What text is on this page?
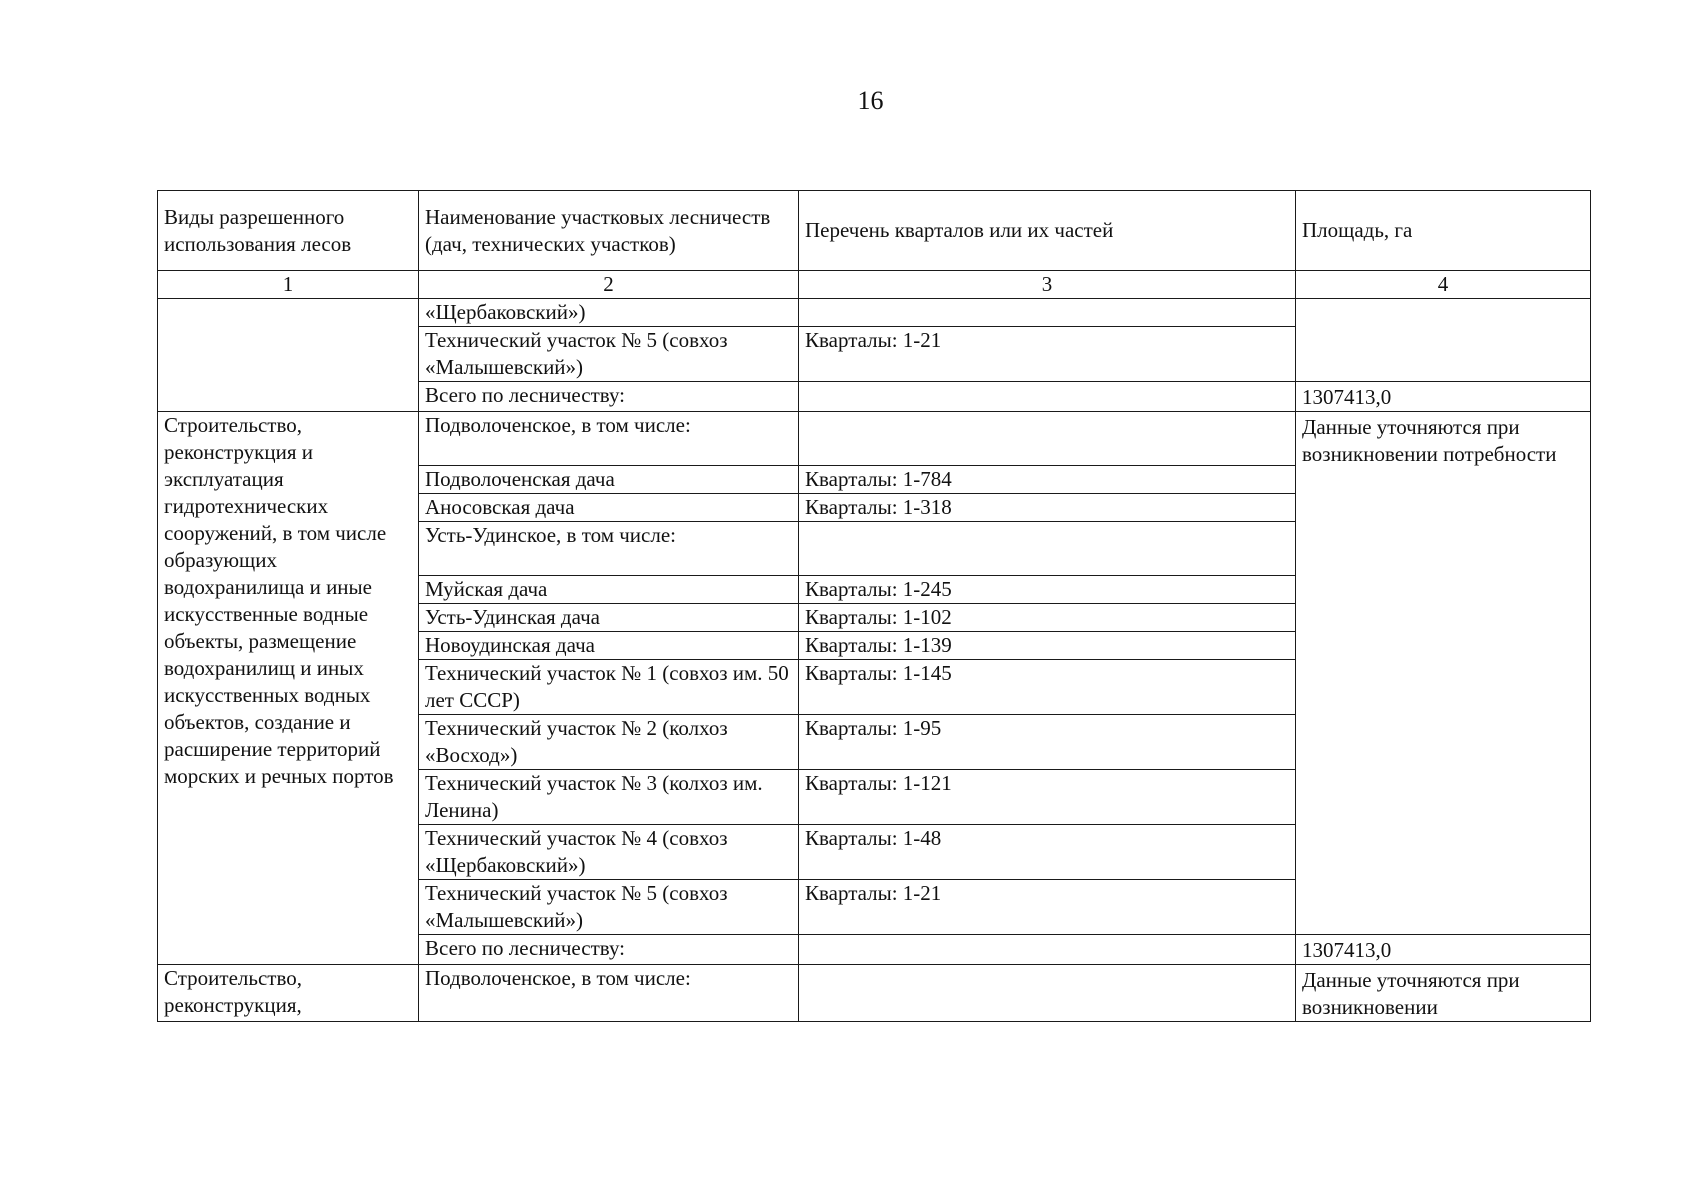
16
Виды разрешенного использования лесов	Наименование участковых лесничеств (дач, технических участков)	Перечень кварталов или их частей	Площадь, га
1	2	3	4
	«Щербаковский»)		
	Технический участок № 5 (совхоз «Малышевский»)	Кварталы: 1-21	
	Всего по лесничеству:		1307413,0
Строительство, реконструкция и эксплуатация гидротехнических сооружений, в том числе образующих водохранилища и иные искусственные водные объекты, размещение водохранилищ и иных искусственных водных объектов, создание и расширение территорий морских и речных портов	Подволоченское, в том числе:		Данные уточняются при возникновении потребности
	Подволоченская дача	Кварталы: 1-784	
	Аносовская дача	Кварталы: 1-318	
	Усть-Удинское, в том числе:		
	Муйская дача	Кварталы: 1-245	
	Усть-Удинская дача	Кварталы: 1-102	
	Новоудинская дача	Кварталы: 1-139	
	Технический участок № 1 (совхоз им. 50 лет СССР)	Кварталы: 1-145	
	Технический участок № 2 (колхоз «Восход»)	Кварталы: 1-95	
	Технический участок № 3 (колхоз им. Ленина)	Кварталы: 1-121	
	Технический участок № 4 (совхоз «Щербаковский»)	Кварталы: 1-48	
	Технический участок № 5 (совхоз «Малышевский»)	Кварталы: 1-21	
	Всего по лесничеству:		1307413,0
Строительство, реконструкция,	Подволоченское, в том числе:		Данные уточняются при возникновении
